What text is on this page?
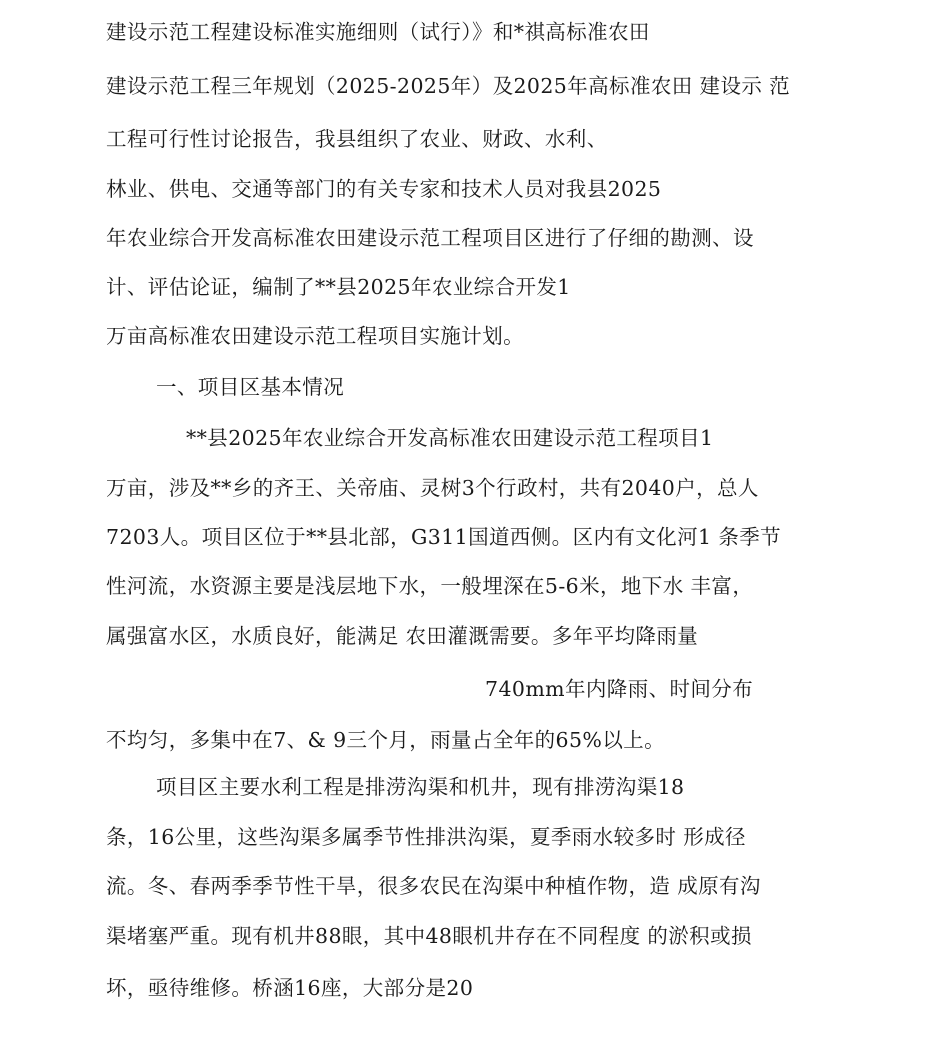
建设示范工程建设标准实施细则（试行）》和*祺高标准农田
建设示范工程三年规划（2025-2025年）及2025年高标准农田 建设示 范
工程可行性讨论报告，我县组织了农业、财政、水利、
林业、供电、交通等部门的有关专家和技术人员对我县2025
年农业综合开发高标准农田建设示范工程项目区进行了仔细的勘测、设
计、评估论证，编制了**县2025年农业综合开发1
万亩高标准农田建设示范工程项目实施计划。
一、项目区基本情况
**县2025年农业综合开发高标准农田建设示范工程项目1
万亩，涉及**乡的齐王、关帝庙、灵树3个行政村，共有2040户，总人
7203人。项目区位于**县北部，G311国道西侧。区内有文化河1 条季节
性河流，水资源主要是浅层地下水，一般埋深在5-6米，地下水 丰富，
属强富水区，水质良好，能满足 农田灌溉需要。多年平均降雨量
740mm年内降雨、时间分布
不均匀，多集中在7、& 9三个月，雨量占全年的65%以上。
项目区主要水利工程是排涝沟渠和机井，现有排涝沟渠18
条，16公里，这些沟渠多属季节性排洪沟渠，夏季雨水较多时 形成径
流。冬、春两季季节性干旱，很多农民在沟渠中种植作物，造 成原有沟
渠堵塞严重。现有机井88眼，其中48眼机井存在不同程度 的淤积或损
坏，亟待维修。桥涵16座，大部分是20
